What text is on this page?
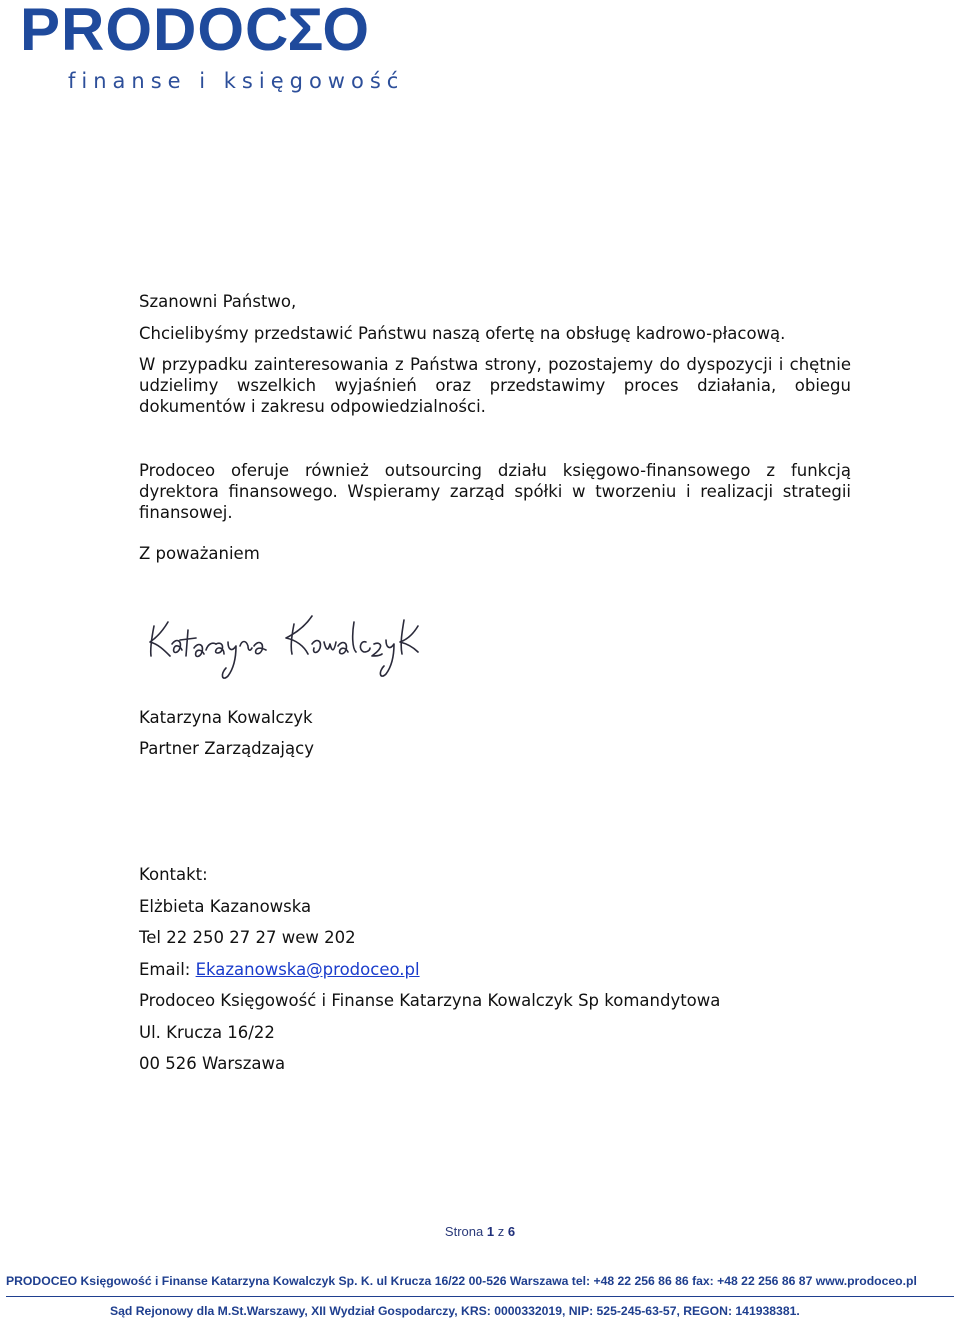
PRODOCΣO
finanse i księgowość
Szanowni Państwo,
Chcielibyśmy przedstawić Państwu naszą ofertę na obsługę kadrowo-płacową.
W przypadku zainteresowania z Państwa strony, pozostajemy do dyspozycji i chętnie udzielimy wszelkich wyjaśnień oraz przedstawimy proces działania, obiegu dokumentów i zakresu odpowiedzialności.
Prodoceo oferuje również outsourcing działu księgowo-finansowego z funkcją dyrektora finansowego. Wspieramy zarząd spółki w tworzeniu i realizacji strategii finansowej.
Z poważaniem
Katarzyna Kowalczyk
Partner Zarządzający
Kontakt:
Elżbieta Kazanowska
Tel 22 250 27 27 wew 202
Email: Ekazanowska@prodoceo.pl
Prodoceo Księgowość i Finanse Katarzyna Kowalczyk Sp komandytowa
Ul. Krucza 16/22
00 526 Warszawa
Strona 1 z 6
PRODOCEO Księgowość i Finanse Katarzyna Kowalczyk Sp. K. ul Krucza 16/22 00-526 Warszawa tel: +48 22 256 86 86 fax: +48 22 256 86 87 www.prodoceo.pl
Sąd Rejonowy dla M.St.Warszawy, XII Wydział Gospodarczy, KRS: 0000332019, NIP: 525-245-63-57, REGON: 141938381.
